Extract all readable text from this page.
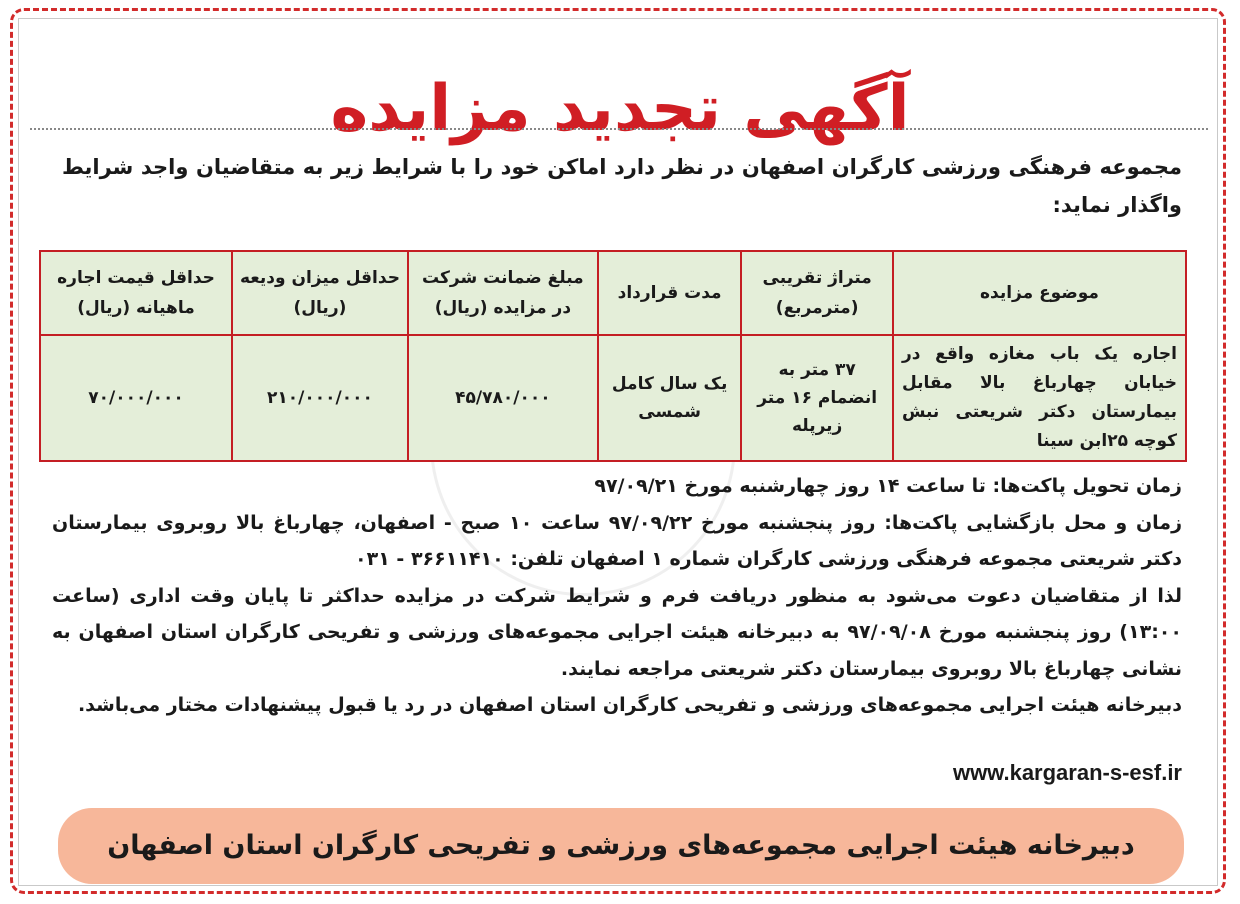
آگهی تجدید مزایده
مجموعه فرهنگی ورزشی کارگران اصفهان در نظر دارد اماکن خود را با شرایط زیر به متقاضیان واجد شرایط واگذار نماید:
موضوع مزایده	متراژ تقریبی (مترمربع)	مدت قرارداد	مبلغ ضمانت شرکت در مزایده (ریال)	حداقل میزان ودیعه (ریال)	حداقل قیمت اجاره ماهیانه (ریال)
اجاره یک باب مغازه واقع در خیابان چهارباغ بالا مقابل بیمارستان دکتر شریعتی نبش کوچه ۲۵ابن سینا	۳۷ متر به انضمام ۱۶ متر زیرپله	یک سال کامل شمسی	۴۵/۷۸۰/۰۰۰	۲۱۰/۰۰۰/۰۰۰	۷۰/۰۰۰/۰۰۰

زمان تحویل پاکت‌ها: تا ساعت ۱۴ روز چهارشنبه مورخ ۹۷/۰۹/۲۱

زمان و محل بازگشایی پاکت‌ها: روز پنجشنبه مورخ ۹۷/۰۹/۲۲ ساعت ۱۰ صبح - اصفهان، چهارباغ بالا روبروی بیمارستان دکتر شریعتی مجموعه فرهنگی ورزشی کارگران شماره ۱ اصفهان تلفن: ۳۶۶۱۱۴۱۰ - ۰۳۱

لذا از متقاضیان دعوت می‌شود به منظور دریافت فرم و شرایط شرکت در مزایده حداکثر تا پایان وقت اداری (ساعت ۱۳:۰۰) روز پنجشنبه مورخ ۹۷/۰۹/۰۸ به دبیرخانه هیئت اجرایی مجموعه‌های ورزشی و تفریحی کارگران استان اصفهان به نشانی چهارباغ بالا روبروی بیمارستان دکتر شریعتی مراجعه نمایند.

دبیرخانه هیئت اجرایی مجموعه‌های ورزشی و تفریحی کارگران استان اصفهان در رد یا قبول پیشنهادات مختار می‌باشد.

www.kargaran-s-esf.ir
دبیرخانه هیئت اجرایی مجموعه‌های ورزشی و تفریحی کارگران استان اصفهان
